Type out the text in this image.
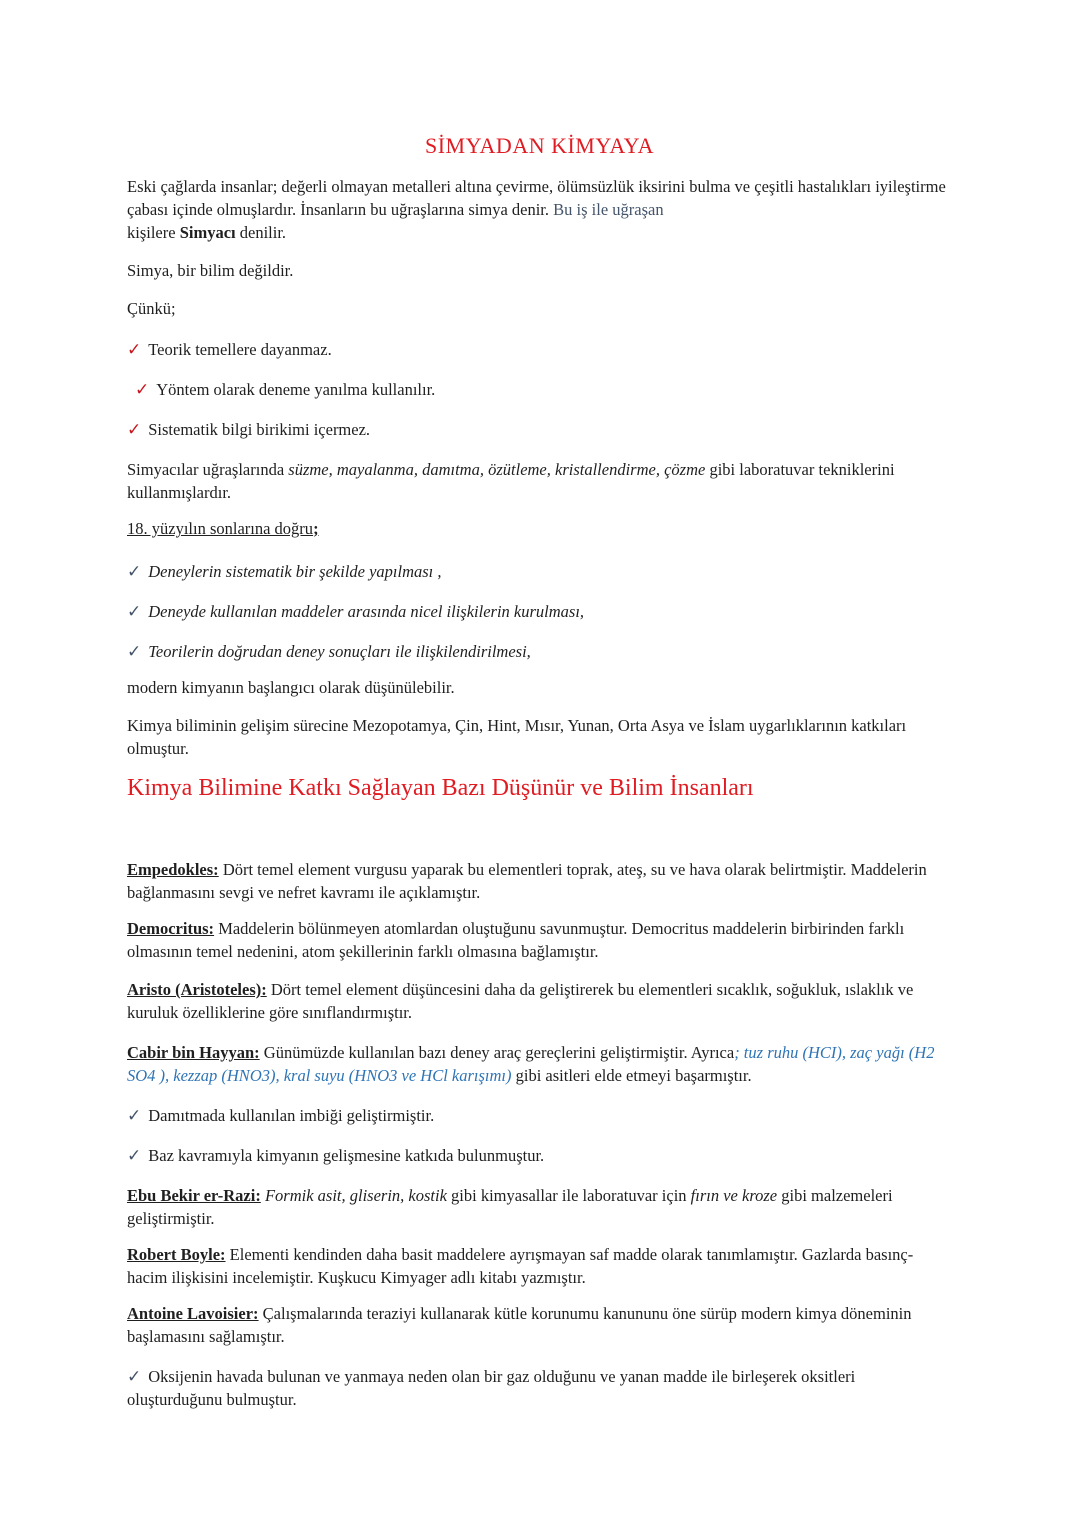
SİMYADAN KİMYAYA

Eski çağlarda insanlar; değerli olmayan metalleri altına çevirme, ölümsüzlük iksirini bulma ve çeşitli hastalıkları iyileştirme çabası içinde olmuşlardır. İnsanların bu uğraşlarına simya denir. Bu iş ile uğraşan
kişilere Simyacı denilir.

Simya, bir bilim değildir.

Çünkü;

✓ Teorik temellere dayanmaz.

✓ Yöntem olarak deneme yanılma kullanılır.

✓ Sistematik bilgi birikimi içermez.

Simyacılar uğraşlarında süzme, mayalanma, damıtma, özütleme, kristallendirme, çözme gibi laboratuvar tekniklerini kullanmışlardır.

18. yüzyılın sonlarına doğru;

✓ Deneylerin sistematik bir şekilde yapılması ,

✓ Deneyde kullanılan maddeler arasında nicel ilişkilerin kurulması,

✓ Teorilerin doğrudan deney sonuçları ile ilişkilendirilmesi,

modern kimyanın başlangıcı olarak düşünülebilir.

Kimya biliminin gelişim sürecine Mezopotamya, Çin, Hint, Mısır, Yunan, Orta Asya ve İslam uygarlıklarının katkıları olmuştur.

Kimya Bilimine Katkı Sağlayan Bazı Düşünür ve Bilim İnsanları

Empedokles: Dört temel element vurgusu yaparak bu elementleri toprak, ateş, su ve hava olarak belirtmiştir. Maddelerin bağlanmasını sevgi ve nefret kavramı ile açıklamıştır.

Democritus: Maddelerin bölünmeyen atomlardan oluştuğunu savunmuştur. Democritus maddelerin birbirinden farklı olmasının temel nedenini, atom şekillerinin farklı olmasına bağlamıştır.

Aristo (Aristoteles): Dört temel element düşüncesini daha da geliştirerek bu elementleri sıcaklık, soğukluk, ıslaklık ve kuruluk özelliklerine göre sınıflandırmıştır.

Cabir bin Hayyan: Günümüzde kullanılan bazı deney araç gereçlerini geliştirmiştir. Ayrıca; tuz ruhu (HCI), zaç yağı (H2 SO4 ), kezzap (HNO3), kral suyu (HNO3 ve HCl karışımı) gibi asitleri elde etmeyi başarmıştır.

✓ Damıtmada kullanılan imbiği geliştirmiştir.

✓ Baz kavramıyla kimyanın gelişmesine katkıda bulunmuştur.

Ebu Bekir er-Razi: Formik asit, gliserin, kostik gibi kimyasallar ile laboratuvar için fırın ve kroze gibi malzemeleri geliştirmiştir.

Robert Boyle: Elementi kendinden daha basit maddelere ayrışmayan saf madde olarak tanımlamıştır. Gazlarda basınç-hacim ilişkisini incelemiştir. Kuşkucu Kimyager adlı kitabı yazmıştır.

Antoine Lavoisier: Çalışmalarında teraziyi kullanarak kütle korunumu kanununu öne sürüp modern kimya döneminin başlamasını sağlamıştır.

✓ Oksijenin havada bulunan ve yanmaya neden olan bir gaz olduğunu ve yanan madde ile birleşerek oksitleri oluşturduğunu bulmuştur.
